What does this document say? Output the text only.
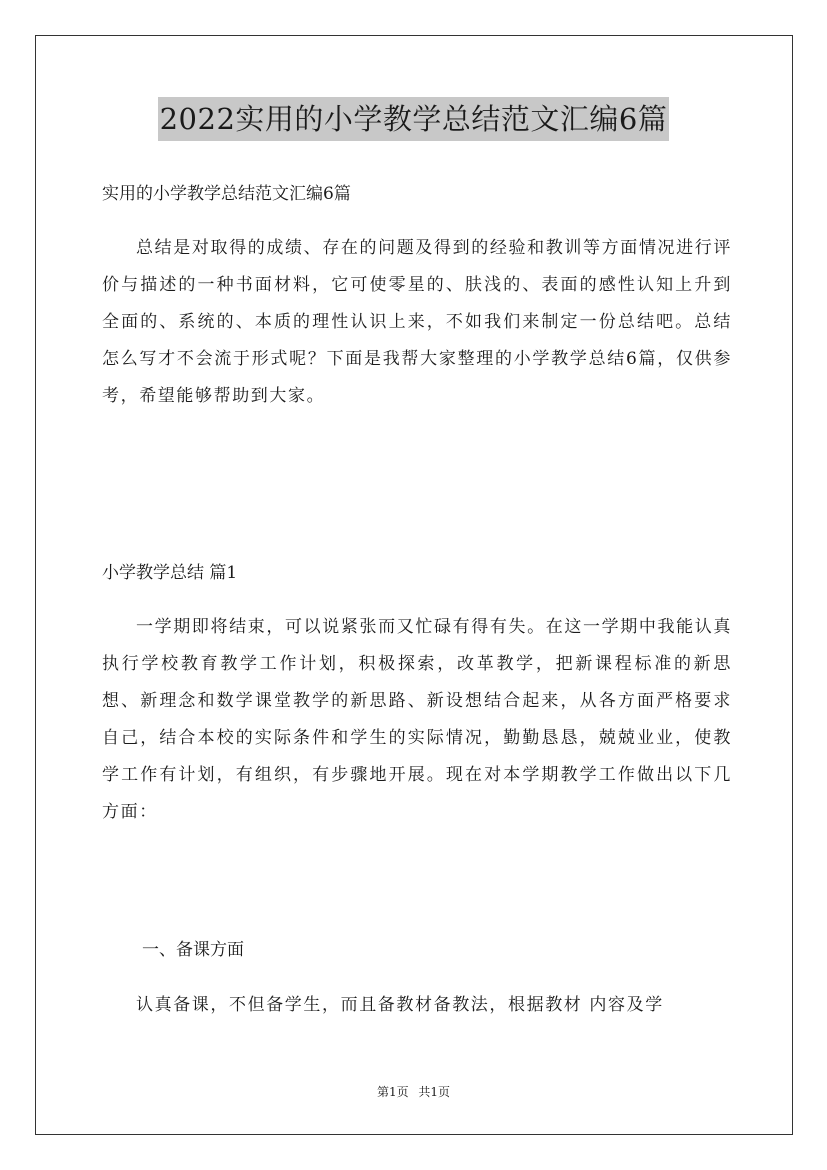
2022实用的小学教学总结范文汇编6篇

实用的小学教学总结范文汇编6篇

总结是对取得的成绩、存在的问题及得到的经验和教训等方面情况进行评价与描述的一种书面材料，它可使零星的、肤浅的、表面的感性认知上升到全面的、系统的、本质的理性认识上来，不如我们来制定一份总结吧。总结怎么写才不会流于形式呢？下面是我帮大家整理的小学教学总结6篇，仅供参考，希望能够帮助到大家。

小学教学总结 篇1

一学期即将结束，可以说紧张而又忙碌有得有失。在这一学期中我能认真执行学校教育教学工作计划，积极探索，改革教学，把新课程标准的新思想、新理念和数学课堂教学的新思路、新设想结合起来，从各方面严格要求自己，结合本校的实际条件和学生的实际情况，勤勤恳恳，兢兢业业，使教学工作有计划，有组织，有步骤地开展。现在对本学期教学工作做出以下几方面：

一、备课方面

认真备课，不但备学生，而且备教材备教法，根据教材 内容及学

第1页 共1页
